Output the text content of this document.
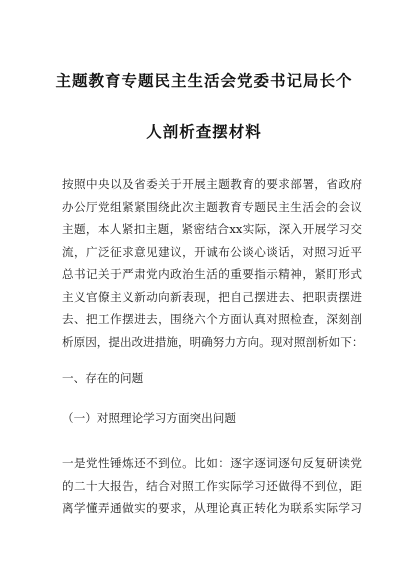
主题教育专题民主生活会党委书记局长个
人剖析查摆材料
按照中央以及省委关于开展主题教育的要求部署，省政府
办公厅党组紧紧围绕此次主题教育专题民主生活会的会议
主题，本人紧扣主题，紧密结合xx实际，深入开展学习交
流，广泛征求意见建议，开诚布公谈心谈话，对照习近平
总书记关于严肃党内政治生活的重要指示精神，紧盯形式
主义官僚主义新动向新表现，把自己摆进去、把职责摆进
去、把工作摆进去，围绕六个方面认真对照检查，深刻剖
析原因，提出改进措施，明确努力方向。现对照剖析如下：
一、存在的问题
（一）对照理论学习方面突出问题
一是党性锤炼还不到位。比如：逐字逐词逐句反复研读党
的二十大报告，结合对照工作实际学习还做得不到位，距
离学懂弄通做实的要求，从理论真正转化为联系实际学习
